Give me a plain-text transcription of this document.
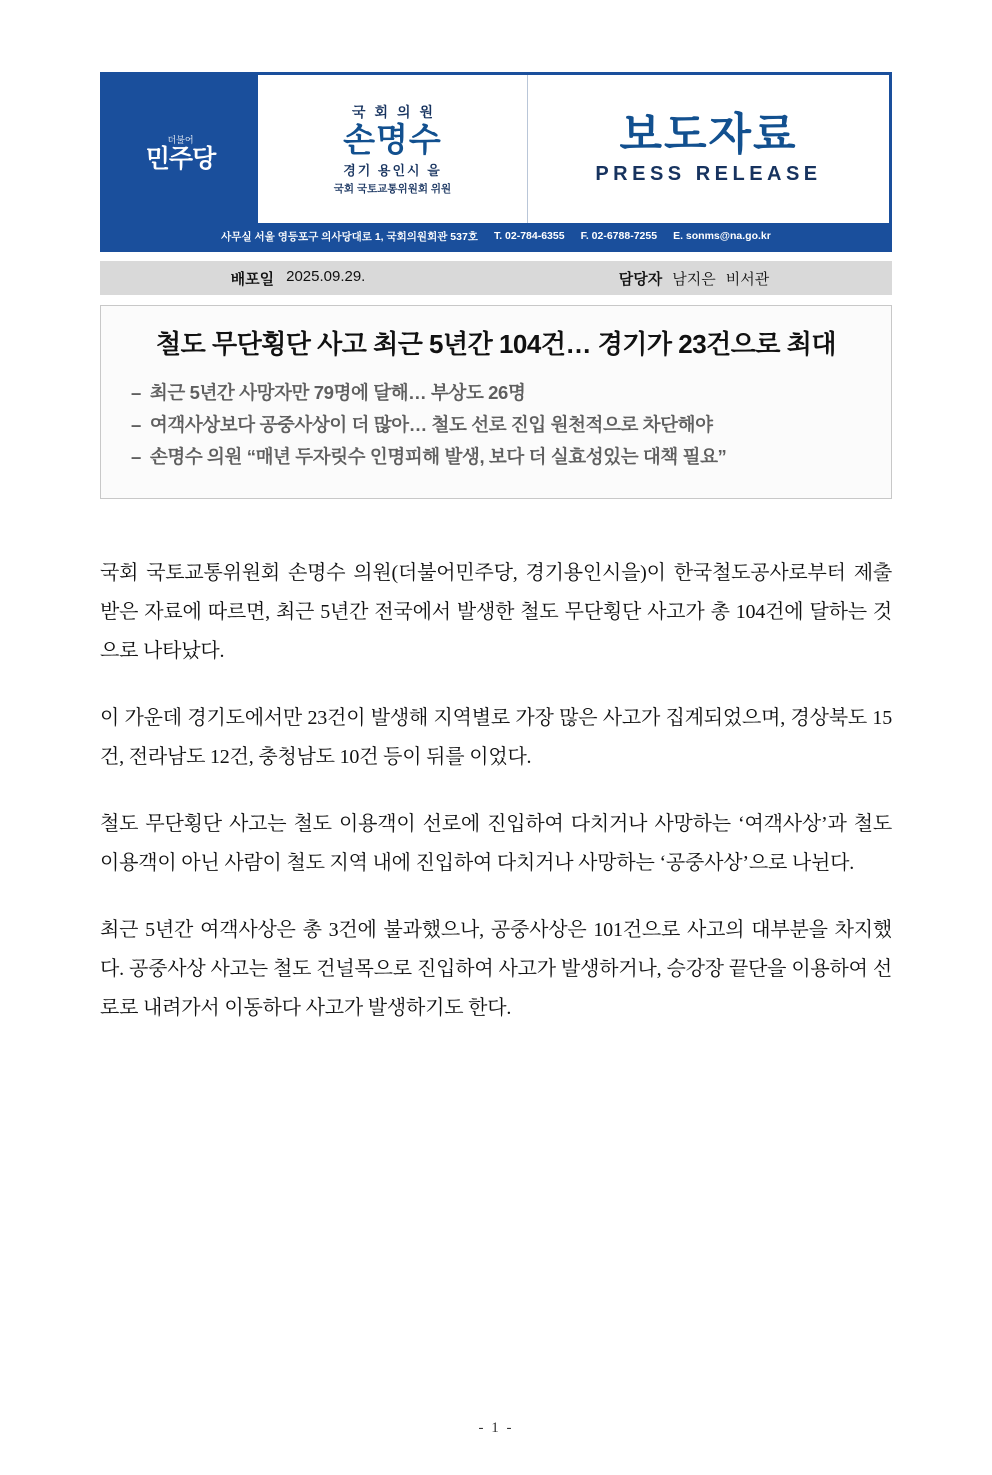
더불어
민주당
국회의원
손명수
경기 용인시 을
국회 국토교통위원회 위원
보도자료
PRESS RELEASE
사무실 서울 영등포구 의사당대로 1, 국회의원회관 537호 T. 02-784-6355 F. 02-6788-7255 E. sonms@na.go.kr
배포일 2025.09.29.	담당자 남지은 비서관
철도 무단횡단 사고 최근 5년간 104건… 경기가 23건으로 최대
– 최근 5년간 사망자만 79명에 달해… 부상도 26명
– 여객사상보다 공중사상이 더 많아… 철도 선로 진입 원천적으로 차단해야
– 손명수 의원 “매년 두자릿수 인명피해 발생, 보다 더 실효성있는 대책 필요”

국회 국토교통위원회 손명수 의원(더불어민주당, 경기용인시을)이 한국철도공사로부터 제출받은 자료에 따르면, 최근 5년간 전국에서 발생한 철도 무단횡단 사고가 총 104건에 달하는 것으로 나타났다.

이 가운데 경기도에서만 23건이 발생해 지역별로 가장 많은 사고가 집계되었으며, 경상북도 15건, 전라남도 12건, 충청남도 10건 등이 뒤를 이었다.

철도 무단횡단 사고는 철도 이용객이 선로에 진입하여 다치거나 사망하는 ‘여객사상’과 철도 이용객이 아닌 사람이 철도 지역 내에 진입하여 다치거나 사망하는 ‘공중사상’으로 나뉜다.

최근 5년간 여객사상은 총 3건에 불과했으나, 공중사상은 101건으로 사고의 대부분을 차지했다. 공중사상 사고는 철도 건널목으로 진입하여 사고가 발생하거나, 승강장 끝단을 이용하여 선로로 내려가서 이동하다 사고가 발생하기도 한다.

- 1 -
